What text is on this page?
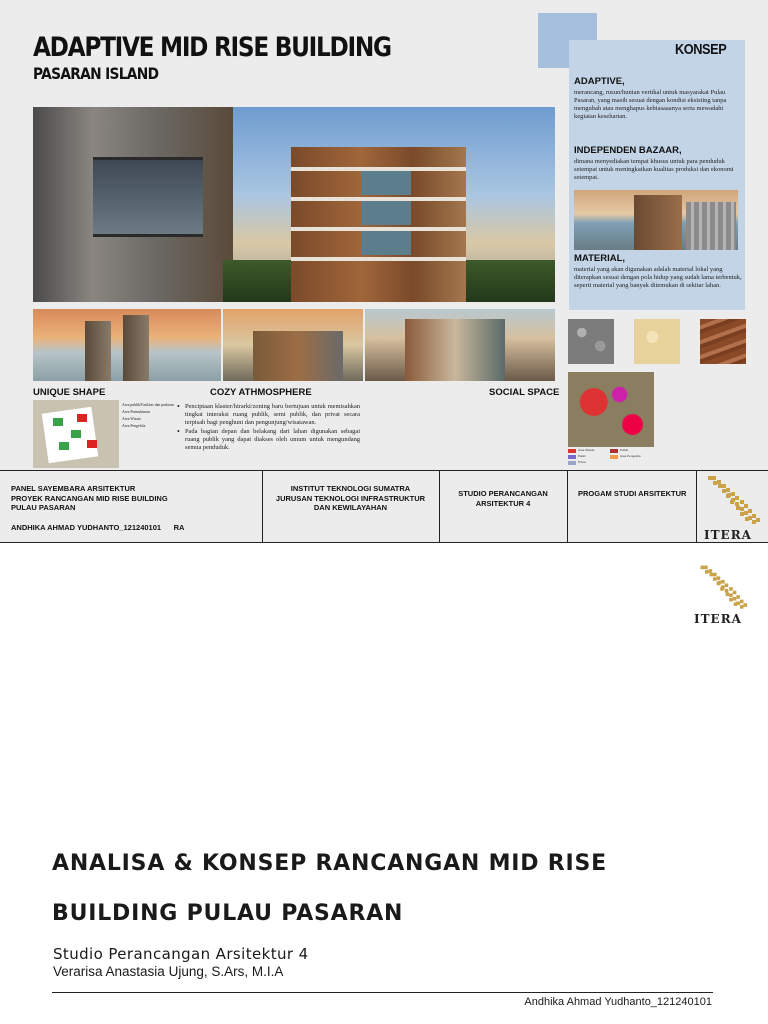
ADAPTIVE MID RISE BUILDING
PASARAN ISLAND
UNIQUE SHAPE	COZY ATHMOSPHERE	SOCIAL SPACE
Area publik/Fasilitas dan parkiran
Area Permukiman
Area Wisata
Area Pengelola
• Penciptaan klaster/hirarki/zoning baru bertujuan untuk memisahkan tingkat interaksi ruang publik, semi publik, dan privat secara terpisah bagi penghuni dan pengunjung/wisatawan.
• Pada bagian depan dan belakang dari lahan digunakan sebagai ruang publik yang dapat diakses oleh umum untuk mengundang semua penduduk.
KONSEP
ADAPTIVE,
merancang, rusun/hunian vertikal untuk masyarakat Pulau Pasaran, yang masih sesuai dengan kondisi eksisting tanpa mengubah atau menghapus kebiasaaanya serta mewadahi kegiatan keseharian.
INDEPENDEN BAZAAR,
dimana menyediakan tempat khusus untuk para penduduk setempat untuk meningkatkan kualitas produksi dan ekonomi setempat.
MATERIAL,
material yang akan digunakan adalah material lokal yang diterapkan sesuai dengan pola hidup yang sudah lama terbentuk, seperti material yang banyak ditemukan di sekitar lahan.
Area Wisata
Parkir
Publik
Area Pengelola
Privat
PANEL SAYEMBARA ARSITEKTUR
PROYEK RANCANGAN MID RISE BUILDING
PULAU PASARAN
ANDHIKA AHMAD YUDHANTO_121240101 RA
INSTITUT TEKNOLOGI SUMATRA
JURUSAN TEKNOLOGI INFRASTRUKTUR
DAN KEWILAYAHAN
STUDIO PERANCANGAN
ARSITEKTUR 4
PROGAM STUDI ARSITEKTUR
ITERA
ITERA
ANALISA & KONSEP RANCANGAN MID RISE
BUILDING PULAU PASARAN
Studio Perancangan Arsitektur 4
Verarisa Anastasia Ujung, S.Ars, M.I.A
Andhika Ahmad Yudhanto_121240101
